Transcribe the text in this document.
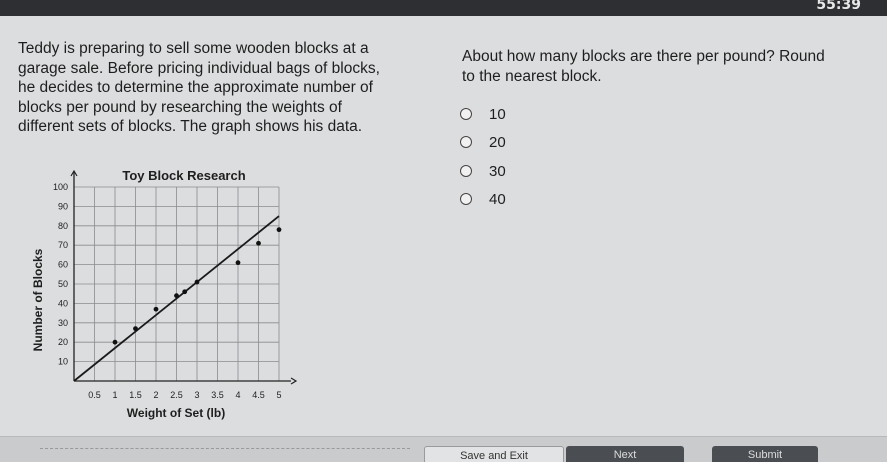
55:39

Teddy is preparing to sell some wooden blocks at a

garage sale. Before pricing individual bags of blocks,

he decides to determine the approximate number of

blocks per pound by researching the weights of

different sets of blocks. The graph shows his data.

About how many blocks are there per pound? Round

to the nearest block.

10
20
30
40
Toy Block Research
Weight of Set (lb)
Number of Blocks
0.5 1 1.5 2 2.5 3 3.5 4 4.5 5
10
20
30
40
50
60
70
80
90
100
Save and Exit	Next	Submit
